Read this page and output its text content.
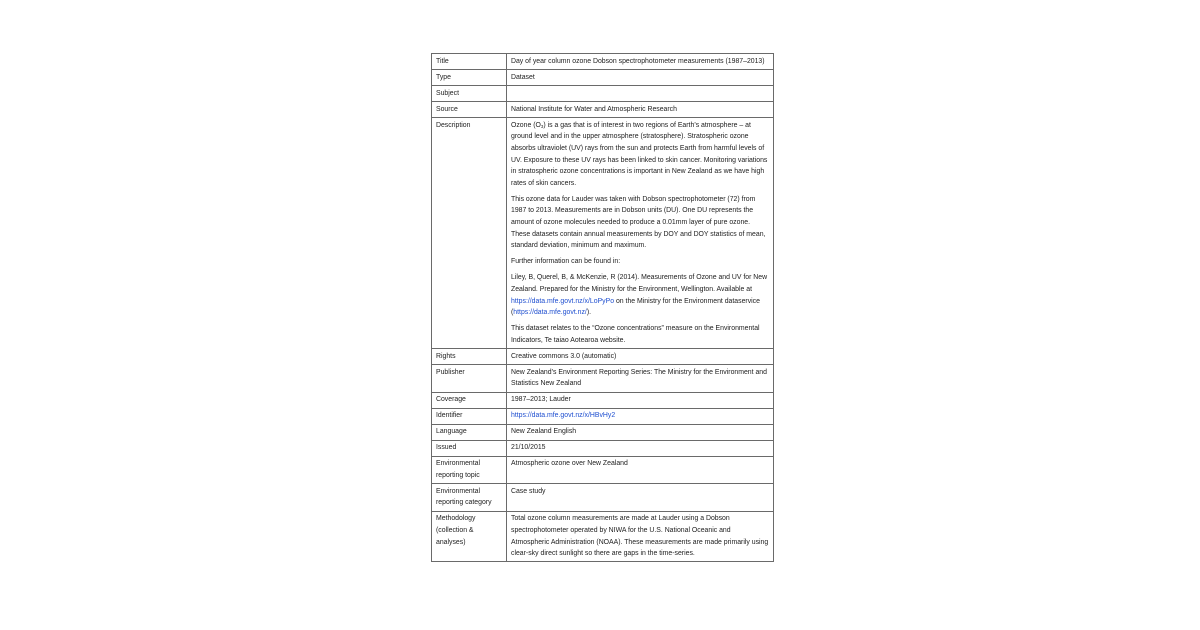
Title	Day of year column ozone Dobson spectrophotometer measurements (1987–2013)
Type	Dataset
Subject	
Source	National Institute for Water and Atmospheric Research
Description	Ozone $(O_3)$ is a gas that is of interest in two regions of Earth’s atmosphere – at ground level and in the upper atmosphere (stratosphere). Stratospheric ozone absorbs ultraviolet (UV) rays from the sun and protects Earth from harmful levels of UV. Exposure to these UV rays has been linked to skin cancer. Monitoring variations in stratospheric ozone concentrations is important in New Zealand as we have high rates of skin cancers.
This ozone data for Lauder was taken with Dobson spectrophotometer (72) from 1987 to 2013. Measurements are in Dobson units (DU). One DU represents the amount of ozone molecules needed to produce a 0.01mm layer of pure ozone. These datasets contain annual measurements by DOY and DOY statistics of mean, standard deviation, minimum and maximum.
Further information can be found in:
Liley, B, Querel, B, & McKenzie, R (2014). Measurements of Ozone and UV for New Zealand. Prepared for the Ministry for the Environment, Wellington. Available at https://data.mfe.govt.nz/x/LoPyPo on the Ministry for the Environment dataservice (https://data.mfe.govt.nz/).
This dataset relates to the “Ozone concentrations” measure on the Environmental Indicators, Te taiao Aotearoa website.

Rights	Creative commons 3.0 (automatic)
Publisher	New Zealand’s Environment Reporting Series: The Ministry for the Environment and Statistics New Zealand
Coverage	1987–2013; Lauder
Identifier	https://data.mfe.govt.nz/x/HBvHy2
Language	New Zealand English
Issued	21/10/2015
Environmental reporting topic	Atmospheric ozone over New Zealand
Environmental reporting category	Case study
Methodology (collection & analyses)	Total ozone column measurements are made at Lauder using a Dobson spectrophotometer operated by NIWA for the U.S. National Oceanic and Atmospheric Administration (NOAA). These measurements are made primarily using clear-sky direct sunlight so there are gaps in the time-series.
